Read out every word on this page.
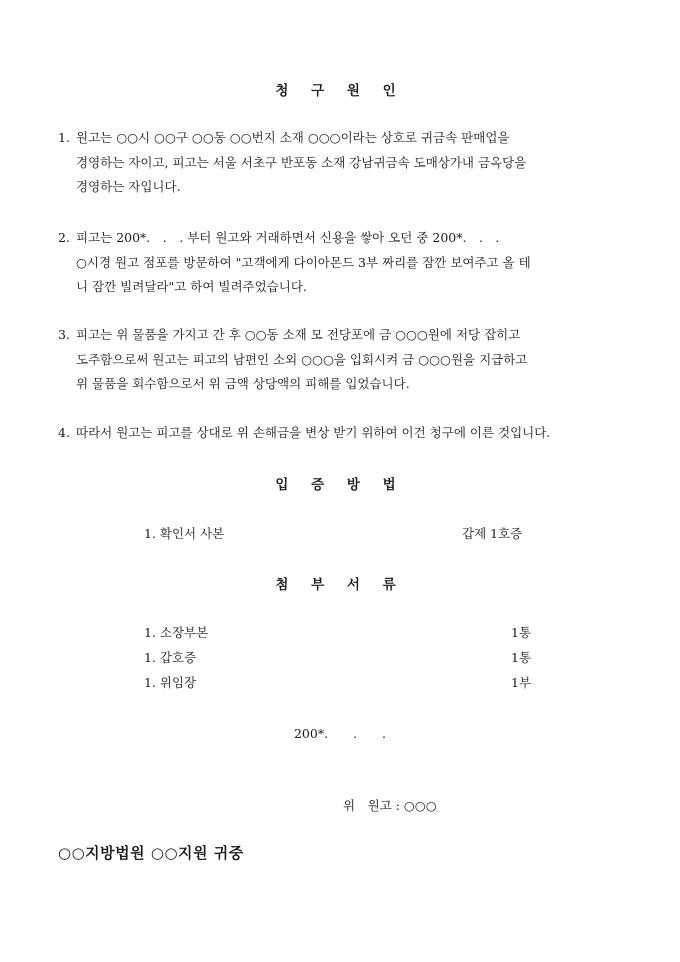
청 구 원 인
1. 원고는 ○○시 ○○구 ○○동 ○○번지 소재 ○○○이라는 상호로 귀금속 판매업을
경영하는 자이고, 피고는 서울 서초구 반포동 소재 강남귀금속 도매상가내 금옥당을
경영하는 자입니다.
2. 피고는 200*.　.　. 부터 원고와 거래하면서 신용을 쌓아 오던 중 200*.　.　.
○시경 원고 점포를 방문하여 "고객에게 다이아몬드 3부 짜리를 잠깐 보여주고 올 테
니 잠깐 빌려달라"고 하여 빌려주었습니다.
3. 피고는 위 물품을 가지고 간 후 ○○동 소재 모 전당포에 금 ○○○원에 저당 잡히고
도주함으로써 원고는 피고의 남편인 소외 ○○○을 입회시켜 금 ○○○원을 지급하고
위 물품을 회수함으로서 위 금액 상당액의 피해를 입었습니다.
4. 따라서 원고는 피고를 상대로 위 손해금을 변상 받기 위하여 이건 청구에 이른 것입니다.
입 증 방 법
1. 확인서 사본	갑제 1호증
첨 부 서 류
1. 소장부본	1통
1. 갑호증	1통
1. 위임장	1부
200*.　　.　　.
위　원고 : ○○○
○○지방법원 ○○지원 귀중
